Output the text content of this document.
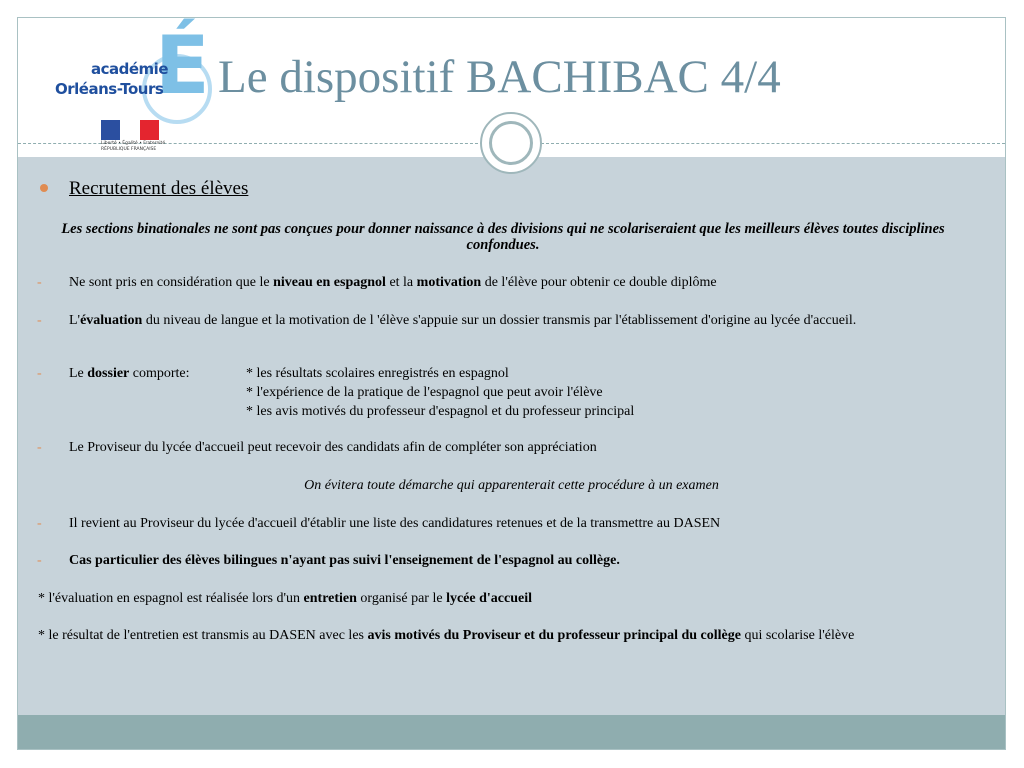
É
académie
Orléans-Tours
Liberté • Égalité • Fraternité
RÉPUBLIQUE FRANÇAISE
Le dispositif BACHIBAC 4/4
Recrutement des élèves
Les sections binationales ne sont pas conçues pour donner naissance à des divisions qui ne scolariseraient que les meilleurs élèves toutes disciplines confondues.
- Ne sont pris en considération que le niveau en espagnol et la motivation de l'élève pour obtenir ce double diplôme
- L'évaluation du niveau de langue et la motivation de l 'élève s'appuie sur un dossier transmis par l'établissement d'origine au lycée d'accueil.
- Le dossier comporte:	* les résultats scolaires enregistrés en espagnol
* l'expérience de la pratique de l'espagnol que peut avoir l'élève
* les avis motivés du professeur d'espagnol et du professeur principal
- Le Proviseur du lycée d'accueil peut recevoir des candidats afin de compléter son appréciation
On évitera toute démarche qui apparenterait cette procédure à un examen
- Il revient au Proviseur du lycée d'accueil d'établir une liste des candidatures retenues et de la transmettre au DASEN
- Cas particulier des élèves bilingues n'ayant pas suivi l'enseignement de l'espagnol au collège.
* l'évaluation en espagnol est réalisée lors d'un entretien organisé par le lycée d'accueil
* le résultat de l'entretien est transmis au DASEN avec les avis motivés du Proviseur et du professeur principal du collège qui scolarise l'élève
